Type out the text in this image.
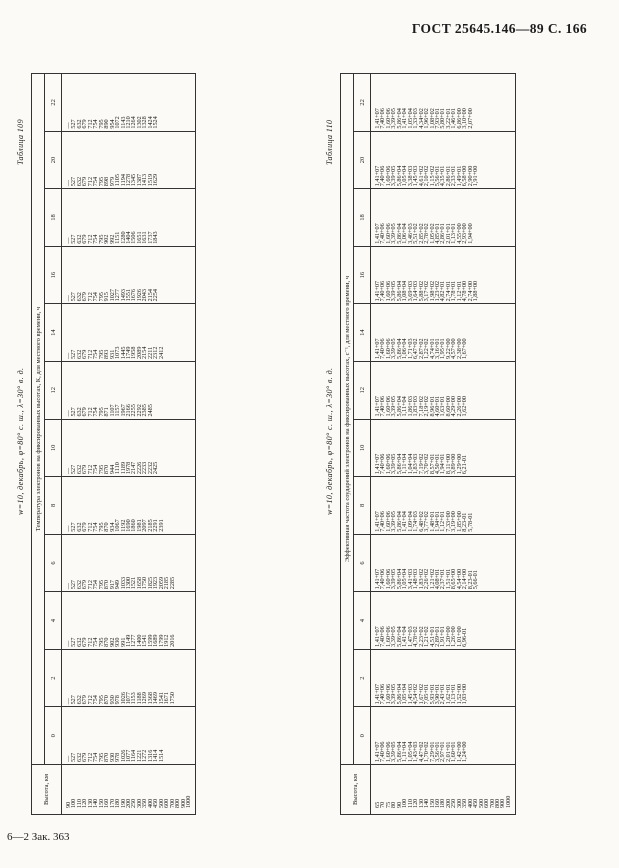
ГОСТ 25645.146—89 С. 166
w=10, декабрь, φ=80° с. ш., λ=30° в. д.
Таблица 109
Высота, км	Температура электронов на фиксированных высотах, К, для местного времени, ч											
	0	2	4	6	8	10	12	14	16	18	20	22
90	—	—	—	—	—	—	—	—	—	—	—	—
100	527	527	527	527	527	527	527	527	527	527	527	527
110	632	632	632	632	632	632	632	632	632	632	632	632
120	679	679	679	679	679	679	679	679	679	679	679	679
130	712	712	712	712	712	712	712	712	712	712	712	712
140	754	754	754	754	754	754	754	754	754	754	754	754
150	795	795	795	795	795	795	795	795	795	795	795	795
160	870	870	870	870	870	870	871	893	915	902	898	890
170	930	930	902	917	934	944	1107	931	1027	992	979	954
180	978	978	930	949	1067	1110	1157	1073	1277	1151	1105	1072
190	1026	1026	991	1033	1192	1189	1967	1445	1493	1280	1194	1143
200	1077	1077	1149	1300	1690	1978	2166	1749	1551	1404	1278	1210
250	1164	1153	1277	1521	1860	2147	2255	1958	1676	1506	1345	1264
300	1221	1188	1400	1658	1981	2226	2292	2089	1926	1651	1387	1302
350	1272	1269	1541	1750	2097	2233	2385	2154	2043	1631	1413	1328
400	1316	1368	1599	1825	2185	2232	2485	2211	2154	1737	1519	1424
450	1414	1469	1689	1923	2291	2425		2312	2254	1843	1629	1524
500	1514	1541	1799	2059	2391			2412				
600		1671	1912	2185								
700		1750	2016	2285								
800												
900												
1000												
w=10, декабрь, φ=80° с. ш., λ=30° в. д.
Таблица 110
Высота, км	Эффективная частота соударений электронов на фиксированных высотах, с⁻¹, для местного времени, ч											
	0	2	4	6	8	10	12	14	16	18	20	22
65	1,41+07	1,41+07	1,41+07	1,41+07	1,41+07	1,41+07	1,41+07	1,41+07	1,41+07	1,41+07	1,41+07	1,41+07
70	7,40+06	7,40+06	7,40+06	7,40+06	7,40+06	7,40+06	7,40+06	7,40+06	7,40+06	7,40+06	7,40+06	7,40+06
75	1,60+06	1,60+06	1,60+06	1,60+06	1,60+06	1,60+06	1,60+06	1,60+06	1,60+06	1,60+06	1,60+06	1,60+06
80	3,39+05	3,39+05	3,39+05	3,39+05	3,39+05	3,39+05	3,39+05	3,39+05	3,39+05	3,39+05	3,39+05	3,39+05
90	5,86+04	5,86+04	5,86+04	5,86+04	5,86+04	5,86+04	5,86+04	5,86+04	5,86+04	5,86+04	5,86+04	5,86+04
100	1,11+04	1,05+04	1,41+04	1,05+04	1,41+04	1,11+04	1,11+04	1,06+04	1,08+04	1,06+04	1,05+04	1,41+04
110	1,05+04	1,45+03	1,47+03	3,41+03	1,09+04	1,04+04	1,86+03	1,71+03	3,69+03	3,46+03	3,38+03	1,05+04
120	1,43+03	4,54+02	4,78+02	1,48+03	1,74+03	1,83+03	1,83+03	6,47+02	1,64+03	5,51+02	1,45+03	1,33+03
130	4,47+02	1,67+02	2,23+02	1,83+02	6,48+02	7,19+02	7,18+02	2,87+02	5,88+02	2,85+02	4,61+02	4,34+02
140	1,70+02	7,05+01	1,21+02	2,26+02	3,77+02	3,70+02	2,19+02	1,22+02	3,17+02	2,78+02	2,10+02	1,96+02
150	7,29+01	5,93+01	4,51+01	1,21+02	1,48+01	8,57+01	8,96+01	4,74+01	1,98+02	1,05+02	1,15+02	1,08+02
160	3,56+01	3,90+01	2,89+01	4,08+01	1,94+01	4,50+01	4,60+01	3,16+01	1,23+02	4,85+01	5,56+01	7,93+01
180	2,97+01	2,43+01	1,91+01	2,37+01	1,12+01	1,94+01	1,63+01	1,95+01	4,82+01	2,86+01	4,35+01	5,80+01
200	2,01+01	1,62+01	1,20+00	1,51+01	7,33+00	8,11+00	8,60+00	9,22+00	2,74+01	2,01+01	2,86+01	3,22+01
250	1,60+01	1,13+01	1,26+00	8,65+00	3,19+00	3,89+00	4,29+00	4,57+00	1,78+01	1,13+01	2,33+01	1,46+01
300	1,42+00	1,52+00	1,01+00	4,54+00	1,85+00	1,29+00	2,26+00	2,38+00	1,12+01	4,55+00	1,49+01	6,86+00
350	1,24+00	1,03+00	6,96-01	2,14+00	8,23-01	6,21-01	1,62+00	1,67+00	4,78+00	2,93+00	6,58+00	3,10+00
400				8,23-01	5,78-01				2,74+00	1,94+00	2,90+00	2,07+00
450				5,66-01					1,88+00		1,91+00	
500												
600												
700												
800												
900												
1000												
6—2 Зак. 363
